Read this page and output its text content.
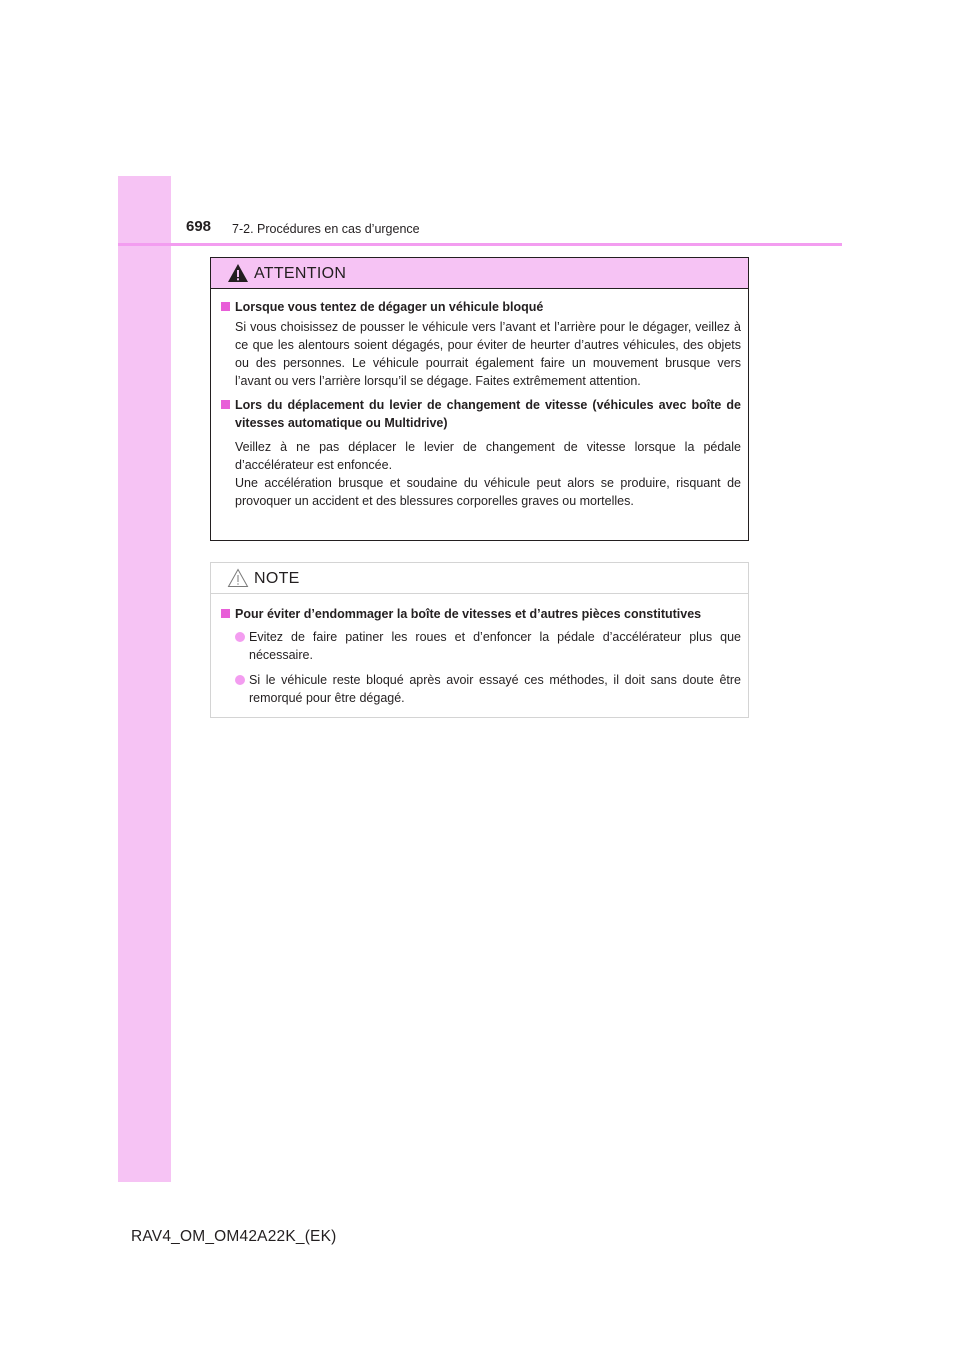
698 7-2. Procédures en cas d’urgence
ATTENTION
Lorsque vous tentez de dégager un véhicule bloqué
Si vous choisissez de pousser le véhicule vers l’avant et l’arrière pour le dégager, veillez à ce que les alentours soient dégagés, pour éviter de heurter d’autres véhicules, des objets ou des personnes. Le véhicule pourrait également faire un mouvement brusque vers l’avant ou vers l’arrière lorsqu’il se dégage. Faites extrêmement attention.
Lors du déplacement du levier de changement de vitesse (véhicules avec boîte de vitesses automatique ou Multidrive)
Veillez à ne pas déplacer le levier de changement de vitesse lorsque la pédale d’accélérateur est enfoncée.
Une accélération brusque et soudaine du véhicule peut alors se produire, risquant de provoquer un accident et des blessures corporelles graves ou mortelles.
NOTE
Pour éviter d’endommager la boîte de vitesses et d’autres pièces constitutives
Evitez de faire patiner les roues et d’enfoncer la pédale d’accélérateur plus que nécessaire.
Si le véhicule reste bloqué après avoir essayé ces méthodes, il doit sans doute être remorqué pour être dégagé.
RAV4_OM_OM42A22K_(EK)
